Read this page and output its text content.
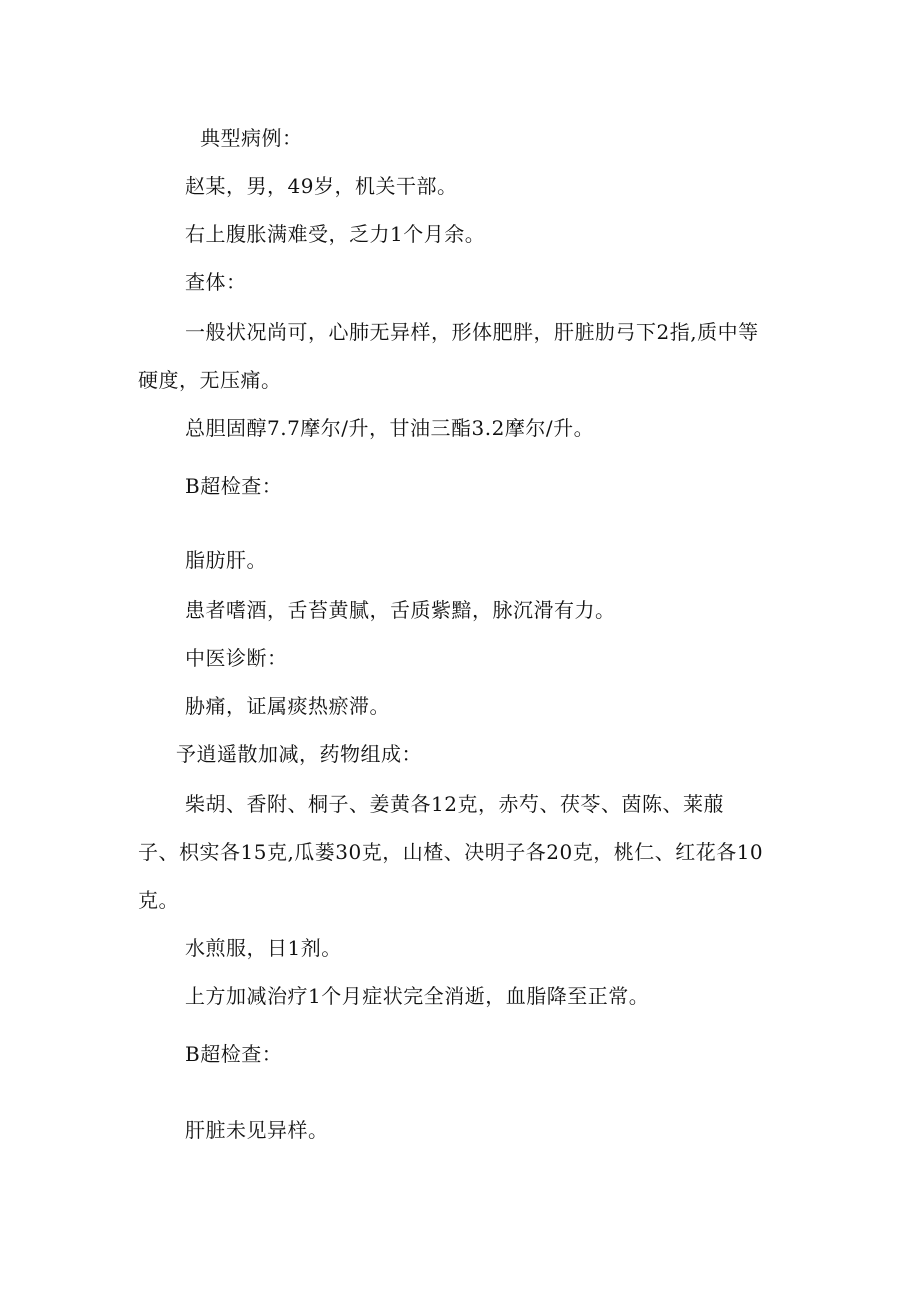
典型病例：
赵某，男，49岁，机关干部。
右上腹胀满难受，乏力1个月余。
查体：
一般状况尚可，心肺无异样，形体肥胖，肝脏肋弓下2指,质中等
硬度，无压痛。
总胆固醇7.7摩尔/升，甘油三酯3.2摩尔/升。
B超检查：
脂肪肝。
患者嗜酒，舌苔黄腻，舌质紫黯，脉沉滑有力。
中医诊断：
胁痛，证属痰热瘀滞。
予逍遥散加减，药物组成：
柴胡、香附、桐子、姜黄各12克，赤芍、茯苓、茵陈、莱菔
子、枳实各15克,瓜蒌30克，山楂、决明子各20克，桃仁、红花各10
克。
水煎服，日1剂。
上方加减治疗1个月症状完全消逝，血脂降至正常。
B超检查：
肝脏未见异样。
